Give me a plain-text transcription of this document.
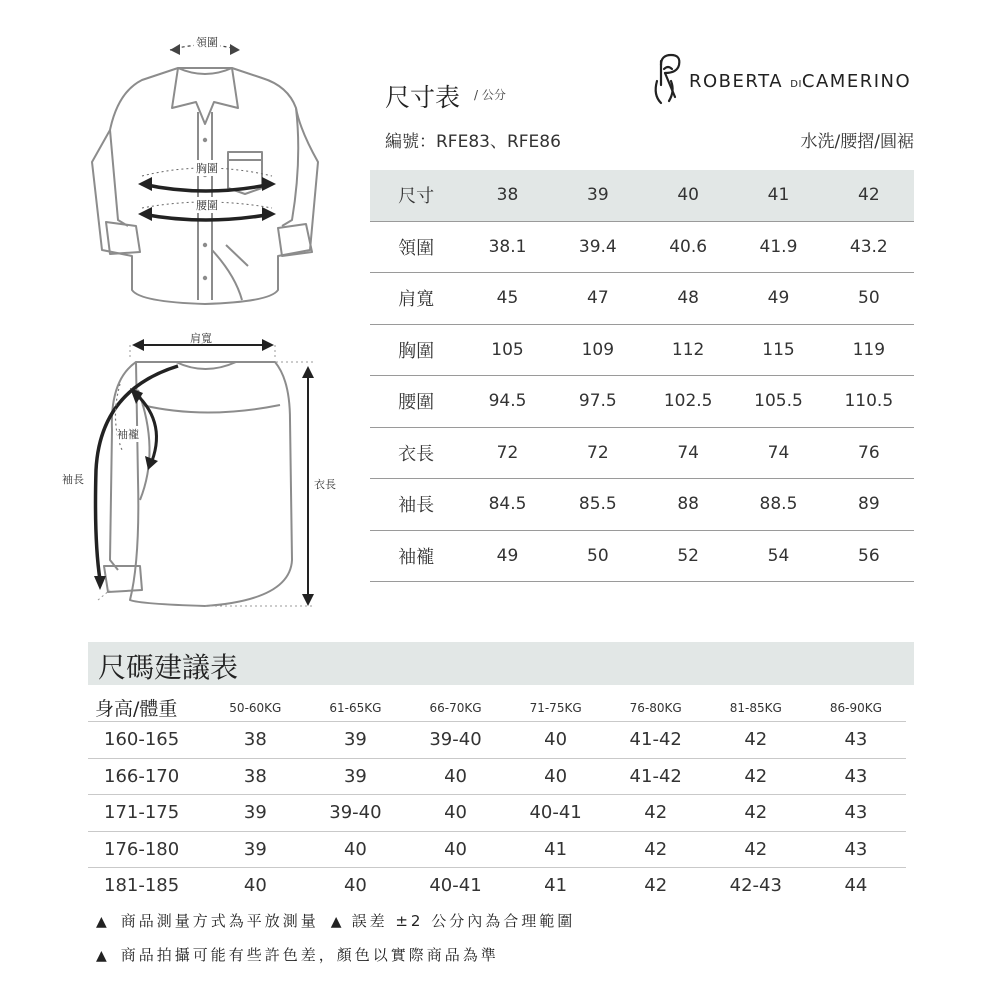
領圍
胸圍
腰圍
肩寬
袖襱
袖長	衣長
尺寸表 / 公分
編號：RFE83、RFE86	水洗/腰摺/圓裾
ROBERTA DICAMERINO
尺寸	38	39	40	41	42
領圍	38.1	39.4	40.6	41.9	43.2
肩寬	45	47	48	49	50
胸圍	105	109	112	115	119
腰圍	94.5	97.5	102.5	105.5	110.5
衣長	72	72	74	74	76
袖長	84.5	85.5	88	88.5	89
袖襱	49	50	52	54	56
尺碼建議表
身高/體重	50-60KG	61-65KG	66-70KG	71-75KG	76-80KG	81-85KG	86-90KG
160-165	38	39	39-40	40	41-42	42	43
166-170	38	39	40	40	41-42	42	43
171-175	39	39-40	40	40-41	42	42	43
176-180	39	40	40	41	42	42	43
181-185	40	40	40-41	41	42	42-43	44
▲ 商品測量方式為平放測量 ▲ 誤差 ±2 公分內為合理範圍
▲ 商品拍攝可能有些許色差，顏色以實際商品為準
